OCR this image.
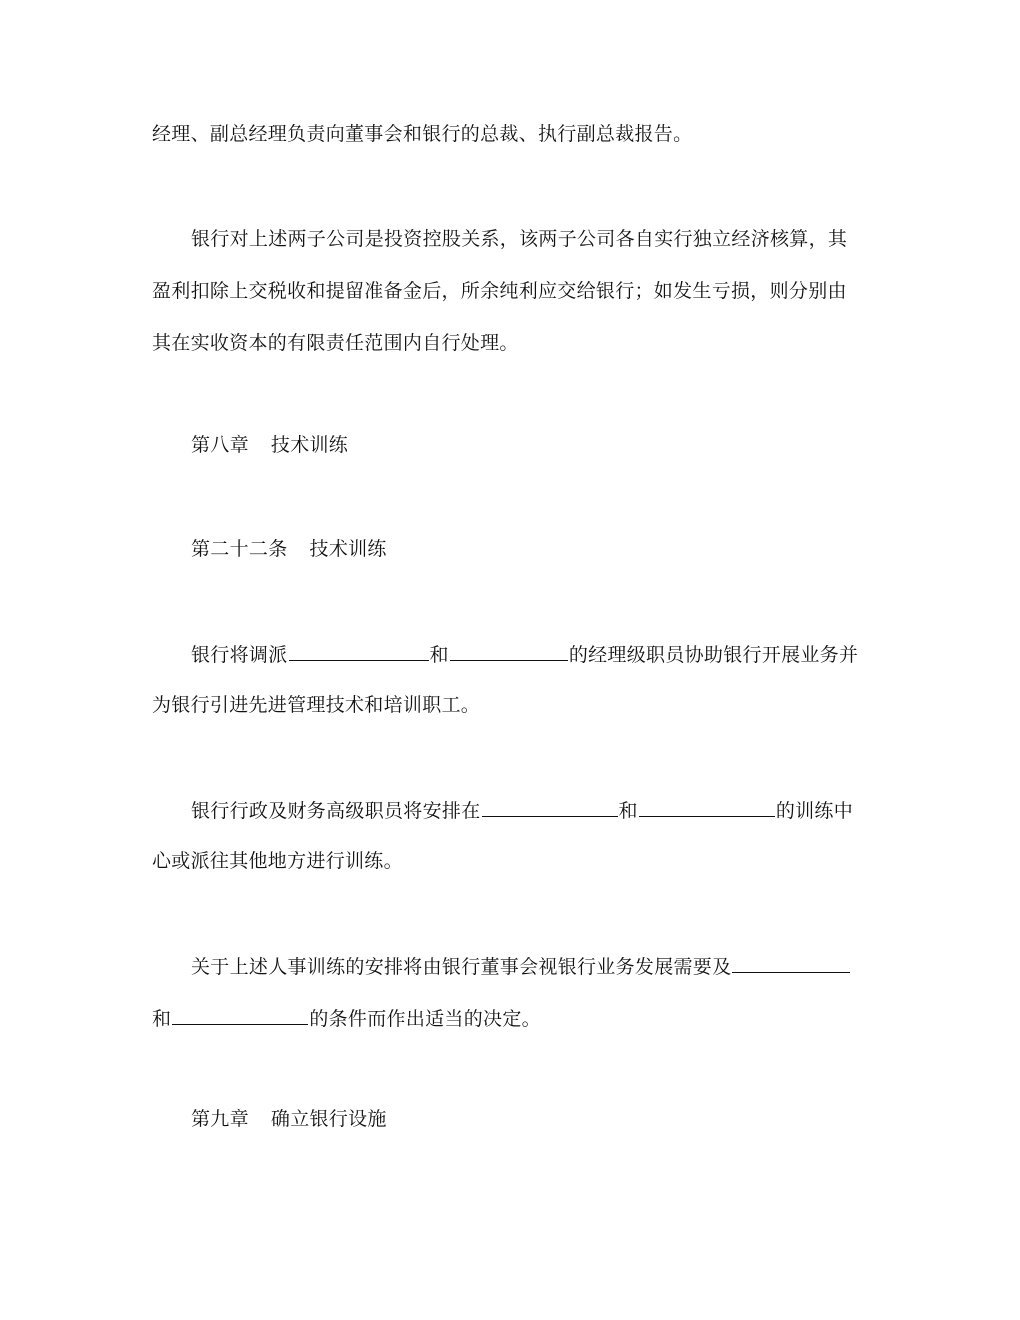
经理、副总经理负责向董事会和银行的总裁、执行副总裁报告。
银行对上述两子公司是投资控股关系，该两子公司各自实行独立经济核算，其
盈利扣除上交税收和提留准备金后，所余纯利应交给银行；如发生亏损，则分别由
其在实收资本的有限责任范围内自行处理。
第八章 技术训练
第二十二条 技术训练
银行将调派	和	的经理级职员协助银行开展业务并
为银行引进先进管理技术和培训职工。
银行行政及财务高级职员将安排在	和	的训练中
心或派往其他地方进行训练。
关于上述人事训练的安排将由银行董事会视银行业务发展需要及
和	的条件而作出适当的决定。
第九章 确立银行设施
